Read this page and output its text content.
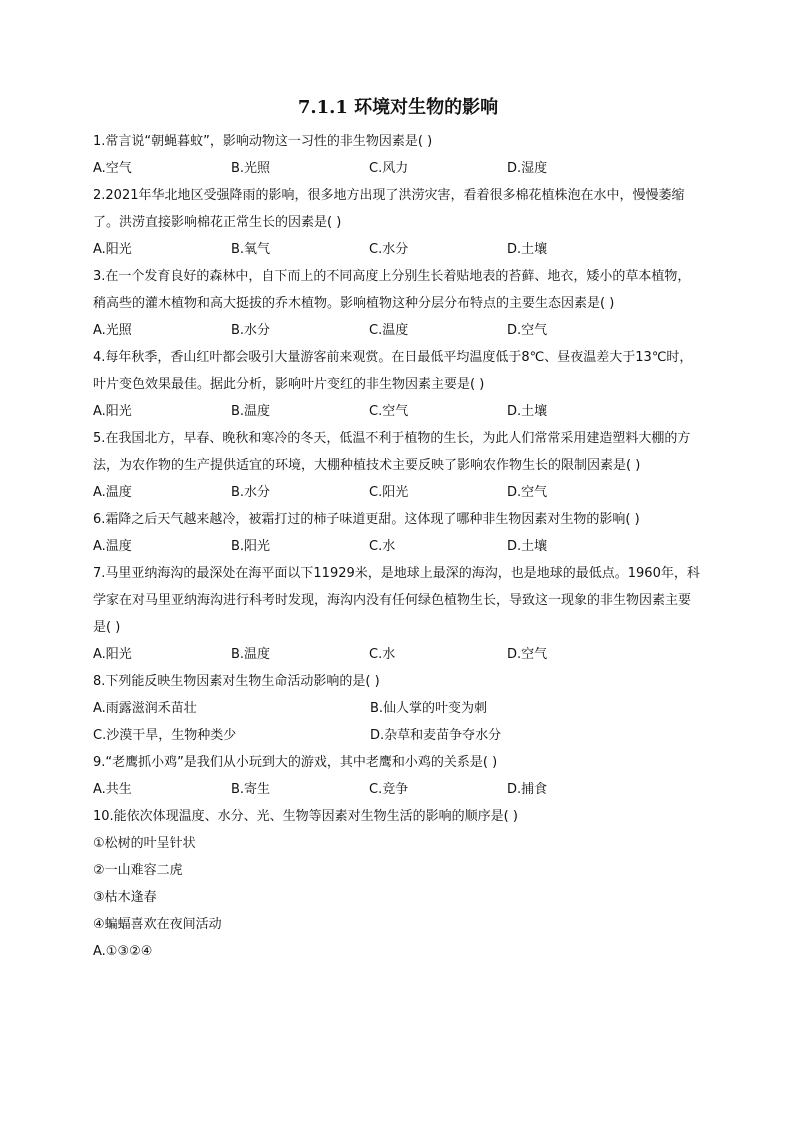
7.1.1 环境对生物的影响

1.常言说“朝蝇暮蚊”，影响动物这一习性的非生物因素是( )

A.空气	B.光照	C.风力	D.湿度

2.2021年华北地区受强降雨的影响，很多地方出现了洪涝灾害，看着很多棉花植株泡在水中，慢慢萎缩了。洪涝直接影响棉花正常生长的因素是( )

A.阳光	B.氧气	C.水分	D.土壤

3.在一个发育良好的森林中，自下而上的不同高度上分别生长着贴地表的苔藓、地衣，矮小的草本植物，稍高些的灌木植物和高大挺拔的乔木植物。影响植物这种分层分布特点的主要生态因素是( )

A.光照	B.水分	C.温度	D.空气

4.每年秋季，香山红叶都会吸引大量游客前来观赏。在日最低平均温度低于8℃、昼夜温差大于13℃时，叶片变色效果最佳。据此分析，影响叶片变红的非生物因素主要是( )

A.阳光	B.温度	C.空气	D.土壤

5.在我国北方，早春、晚秋和寒冷的冬天，低温不利于植物的生长，为此人们常常采用建造塑料大棚的方法，为农作物的生产提供适宜的环境，大棚种植技术主要反映了影响农作物生长的限制因素是( )

A.温度	B.水分	C.阳光	D.空气

6.霜降之后天气越来越冷，被霜打过的柿子味道更甜。这体现了哪种非生物因素对生物的影响( )

A.温度	B.阳光	C.水	D.土壤

7.马里亚纳海沟的最深处在海平面以下11929米，是地球上最深的海沟，也是地球的最低点。1960年，科学家在对马里亚纳海沟进行科考时发现，海沟内没有任何绿色植物生长，导致这一现象的非生物因素主要是( )

A.阳光	B.温度	C.水	D.空气

8.下列能反映生物因素对生物生命活动影响的是( )

A.雨露滋润禾苗壮	B.仙人掌的叶变为刺
C.沙漠干旱，生物种类少	D.杂草和麦苗争夺水分

9.“老鹰抓小鸡”是我们从小玩到大的游戏，其中老鹰和小鸡的关系是( )

A.共生	B.寄生	C.竞争	D.捕食

10.能依次体现温度、水分、光、生物等因素对生物生活的影响的顺序是( )

①松树的叶呈针状
②一山难容二虎
③枯木逢春
④蝙蝠喜欢在夜间活动
A.①③②④
